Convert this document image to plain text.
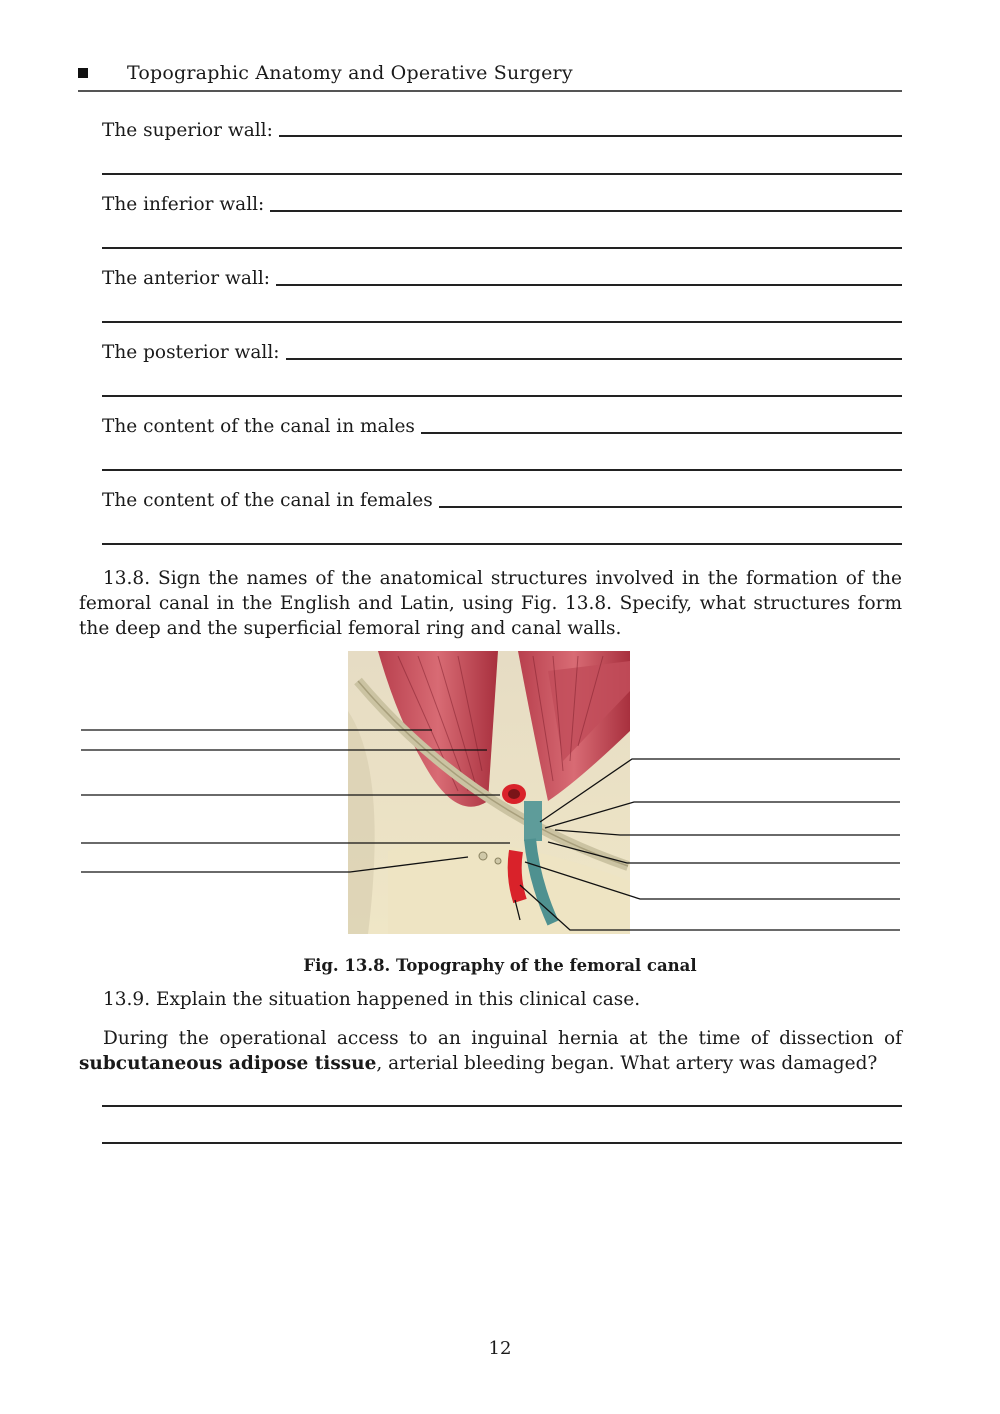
Topographic Anatomy and Operative Surgery
The superior wall:
The inferior wall:
The anterior wall:
The posterior wall:
The content of the canal in males
The content of the canal in females
13.8. Sign the names of the anatomical structures involved in the formation of the femoral canal in the English and Latin, using Fig. 13.8. Specify, what structures form the deep and the superficial femoral ring and canal walls.
Fig. 13.8. Topography of the femoral canal
13.9. Explain the situation happened in this clinical case.
During the operational access to an inguinal hernia at the time of dissection of subcutaneous adipose tissue, arterial bleeding began. What artery was damaged?
12
